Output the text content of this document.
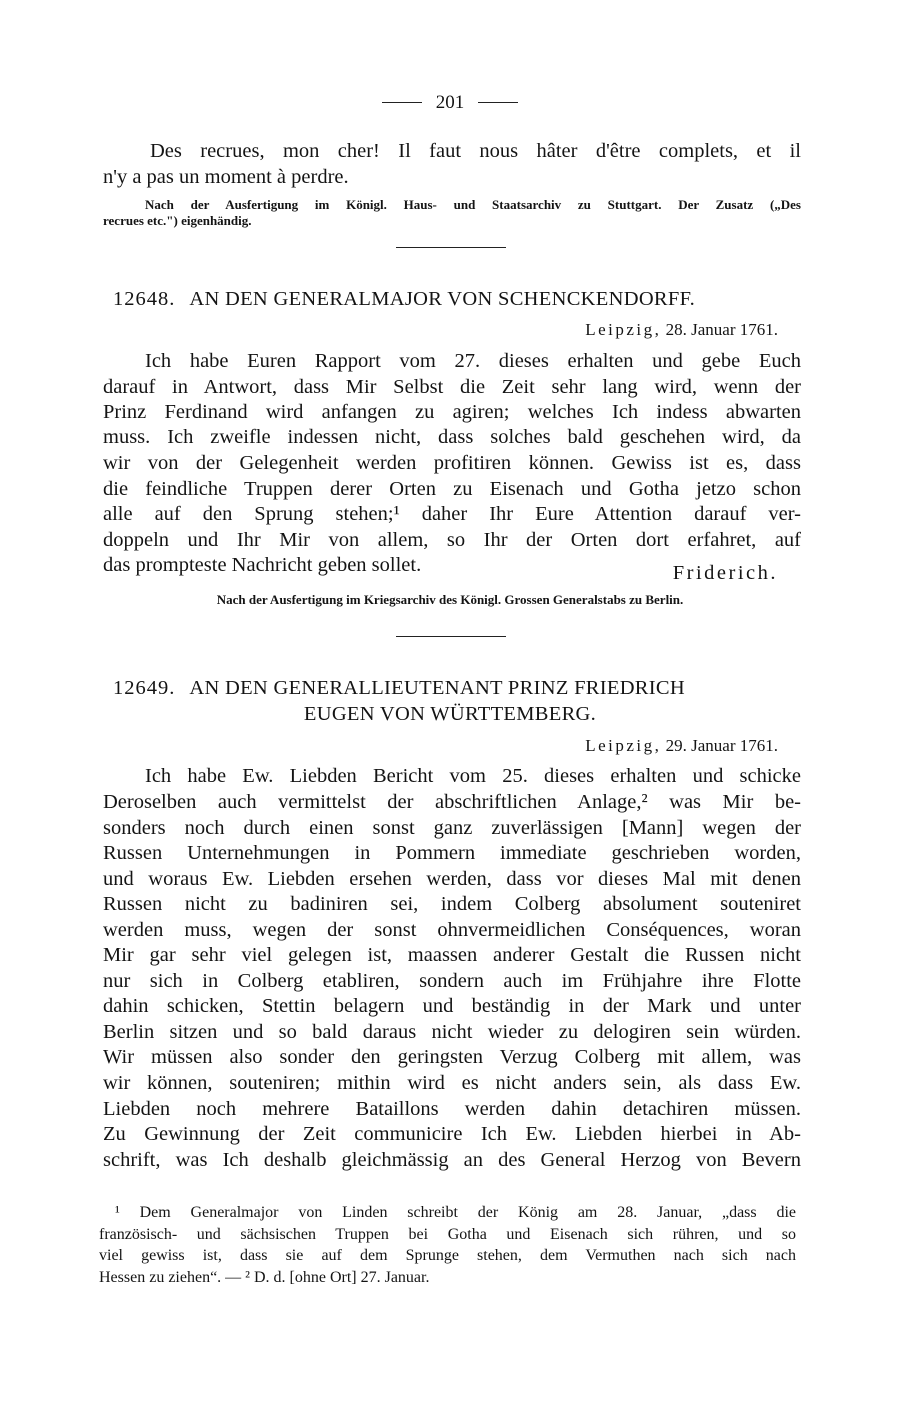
201
Des recrues, mon cher! Il faut nous hâter d'être complets, et il
n'y a pas un moment à perdre.
Nach der Ausfertigung im Königl. Haus- und Staatsarchiv zu Stuttgart. Der Zusatz („Des
recrues etc.") eigenhändig.
12648. AN DEN GENERALMAJOR VON SCHENCKENDORFF.
Leipzig, 28. Januar 1761.
Ich habe Euren Rapport vom 27. dieses erhalten und gebe Euch
darauf in Antwort, dass Mir Selbst die Zeit sehr lang wird, wenn der
Prinz Ferdinand wird anfangen zu agiren; welches Ich indess abwarten
muss. Ich zweifle indessen nicht, dass solches bald geschehen wird, da
wir von der Gelegenheit werden profitiren können. Gewiss ist es, dass
die feindliche Truppen derer Orten zu Eisenach und Gotha jetzo schon
alle auf den Sprung stehen;¹ daher Ihr Eure Attention darauf ver-
doppeln und Ihr Mir von allem, so Ihr der Orten dort erfahret, auf
das prompteste Nachricht geben sollet.	Friderich.
Nach der Ausfertigung im Kriegsarchiv des Königl. Grossen Generalstabs zu Berlin.
12649. AN DEN GENERALLIEUTENANT PRINZ FRIEDRICH
EUGEN VON WÜRTTEMBERG.
Leipzig, 29. Januar 1761.
Ich habe Ew. Liebden Bericht vom 25. dieses erhalten und schicke
Deroselben auch vermittelst der abschriftlichen Anlage,² was Mir be-
sonders noch durch einen sonst ganz zuverlässigen [Mann] wegen der
Russen Unternehmungen in Pommern immediate geschrieben worden,
und woraus Ew. Liebden ersehen werden, dass vor dieses Mal mit denen
Russen nicht zu badiniren sei, indem Colberg absolument souteniret
werden muss, wegen der sonst ohnvermeidlichen Conséquences, woran
Mir gar sehr viel gelegen ist, maassen anderer Gestalt die Russen nicht
nur sich in Colberg etabliren, sondern auch im Frühjahre ihre Flotte
dahin schicken, Stettin belagern und beständig in der Mark und unter
Berlin sitzen und so bald daraus nicht wieder zu delogiren sein würden.
Wir müssen also sonder den geringsten Verzug Colberg mit allem, was
wir können, souteniren; mithin wird es nicht anders sein, als dass Ew.
Liebden noch mehrere Bataillons werden dahin detachiren müssen.
Zu Gewinnung der Zeit communicire Ich Ew. Liebden hierbei in Ab-
schrift, was Ich deshalb gleichmässig an des General Herzog von Bevern
¹ Dem Generalmajor von Linden schreibt der König am 28. Januar, „dass die
französisch- und sächsischen Truppen bei Gotha und Eisenach sich rühren, und so
viel gewiss ist, dass sie auf dem Sprunge stehen, dem Vermuthen nach sich nach
Hessen zu ziehen“. — ² D. d. [ohne Ort] 27. Januar.
